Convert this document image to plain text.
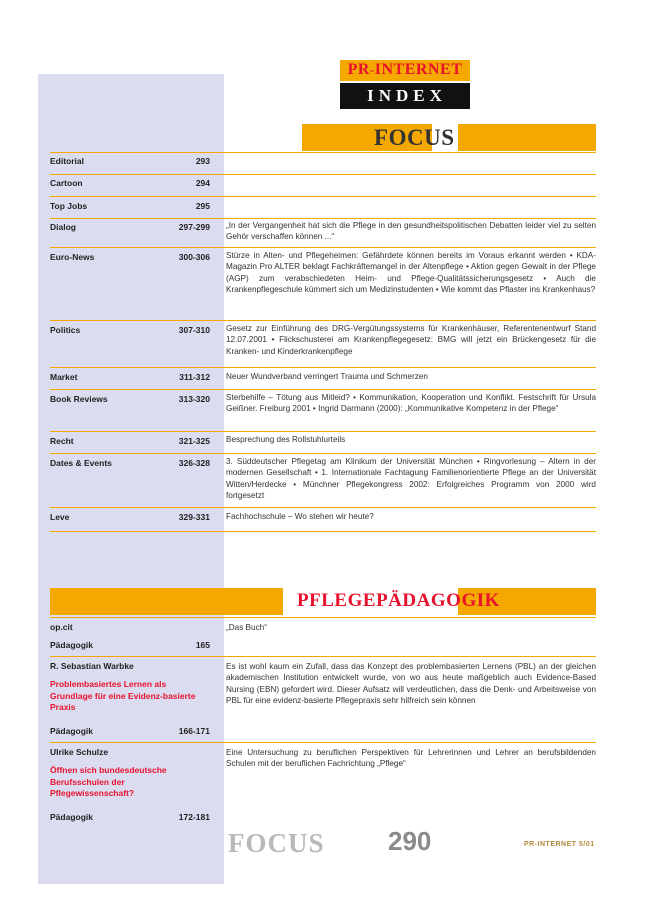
PR-INTERNET
INDEX
FOCUS
Editorial	293
Cartoon	294
Top Jobs	295
Dialog	297-299 „In der Vergangenheit hat sich die Pflege in den gesundheitspolitischen Debatten leider viel zu selten Gehör verschaffen können ...“
Euro-News	300-306 Stürze in Alten- und Pflegeheimen: Gefährdete können bereits im Voraus erkannt werden • KDA-Magazin Pro ALTER beklagt Fachkräftemangel in der Altenpflege • Aktion gegen Gewalt in der Pflege (AGP) zum verabschiedeten Heim- und Pflege-Qualitätssicherungsgesetz • Auch die Krankenpflegeschule kümmert sich um Medizinstudenten • Wie kommt das Pflaster ins Krankenhaus?
Politics	307-310 Gesetz zur Einführung des DRG-Vergütungssystems für Krankenhäuser, Referentenentwurf Stand 12.07.2001 • Flickschusterei am Krankenpflegegesetz: BMG will jetzt ein Brückengesetz für die Kranken- und Kinderkrankenpflege
Market	311-312 Neuer Wundverband verringert Trauma und Schmerzen
Book Reviews	313-320 Sterbehilfe – Tötung aus Mitleid? • Kommunikation, Kooperation und Konflikt. Festschrift für Ursula Geißner. Freiburg 2001 • Ingrid Darmann (2000): „Kommunikative Kompetenz in der Pflege“
Recht	321-325 Besprechung des Rollstuhlurteils
Dates & Events	326-328 3. Süddeutscher Pflegetag am Klinikum der Universität München • Ringvorlesung – Altern in der modernen Gesellschaft • 1. Internationale Fachtagung Familienorientierte Pflege an der Universität Witten/Herdecke • Münchner Pflegekongress 2002: Erfolgreiches Programm von 2000 wird fortgesetzt
Leve	329-331 Fachhochschule – Wo stehen wir heute?
PFLEGEPÄDAGOGIK
op.cit
Pädagogik	165
„Das Buch“
R. Sebastian Warbke
Problembasiertes Lernen als Grundlage für eine Evidenz-basierte Praxis
Pädagogik	166-171
Es ist wohl kaum ein Zufall, dass das Konzept des problembasierten Lernens (PBL) an der gleichen akademischen Institution entwickelt wurde, von wo aus heute maßgeblich auch Evidence-Based Nursing (EBN) gefordert wird. Dieser Aufsatz will verdeutlichen, dass die Denk- und Arbeitsweise von PBL für eine evidenz-basierte Pflegepraxis sehr hilfreich sein können
Ulrike Schulze
Öffnen sich bundesdeutsche Berufsschulen der Pflegewissenschaft?
Pädagogik	172-181
Eine Untersuchung zu beruflichen Perspektiven für Lehrerinnen und Lehrer an berufsbildenden Schulen mit der beruflichen Fachrichtung „Pflege“
FOCUS 290	PR-INTERNET 5/01
